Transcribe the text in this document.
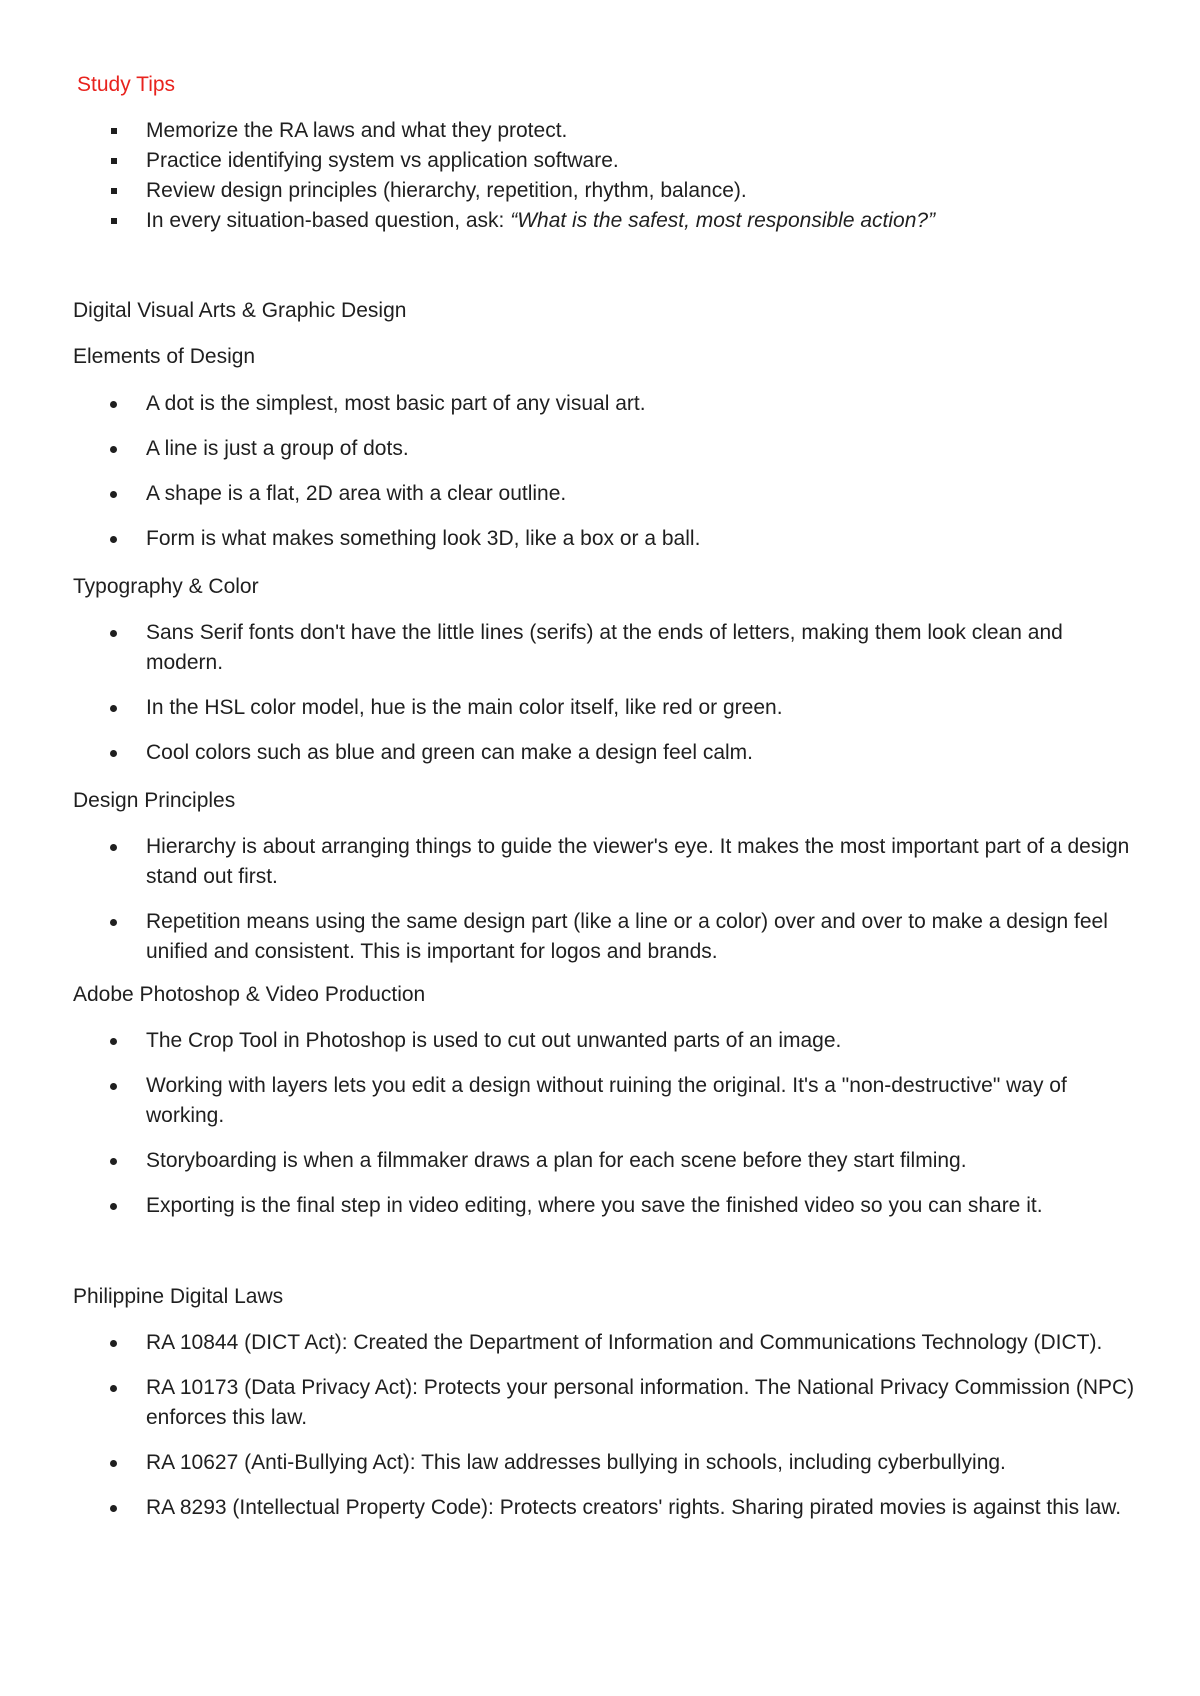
Study Tips
Memorize the RA laws and what they protect.
Practice identifying system vs application software.
Review design principles (hierarchy, repetition, rhythm, balance).
In every situation-based question, ask: “What is the safest, most responsible action?”
Digital Visual Arts & Graphic Design
Elements of Design
A dot is the simplest, most basic part of any visual art.
A line is just a group of dots.
A shape is a flat, 2D area with a clear outline.
Form is what makes something look 3D, like a box or a ball.
Typography & Color
Sans Serif fonts don't have the little lines (serifs) at the ends of letters, making them look clean and modern.
In the HSL color model, hue is the main color itself, like red or green.
Cool colors such as blue and green can make a design feel calm.
Design Principles
Hierarchy is about arranging things to guide the viewer's eye. It makes the most important part of a design stand out first.
Repetition means using the same design part (like a line or a color) over and over to make a design feel unified and consistent. This is important for logos and brands.
Adobe Photoshop & Video Production
The Crop Tool in Photoshop is used to cut out unwanted parts of an image.
Working with layers lets you edit a design without ruining the original. It's a "non-destructive" way of working.
Storyboarding is when a filmmaker draws a plan for each scene before they start filming.
Exporting is the final step in video editing, where you save the finished video so you can share it.
Philippine Digital Laws
RA 10844 (DICT Act): Created the Department of Information and Communications Technology (DICT).
RA 10173 (Data Privacy Act): Protects your personal information. The National Privacy Commission (NPC) enforces this law.
RA 10627 (Anti-Bullying Act): This law addresses bullying in schools, including cyberbullying.
RA 8293 (Intellectual Property Code): Protects creators' rights. Sharing pirated movies is against this law.
